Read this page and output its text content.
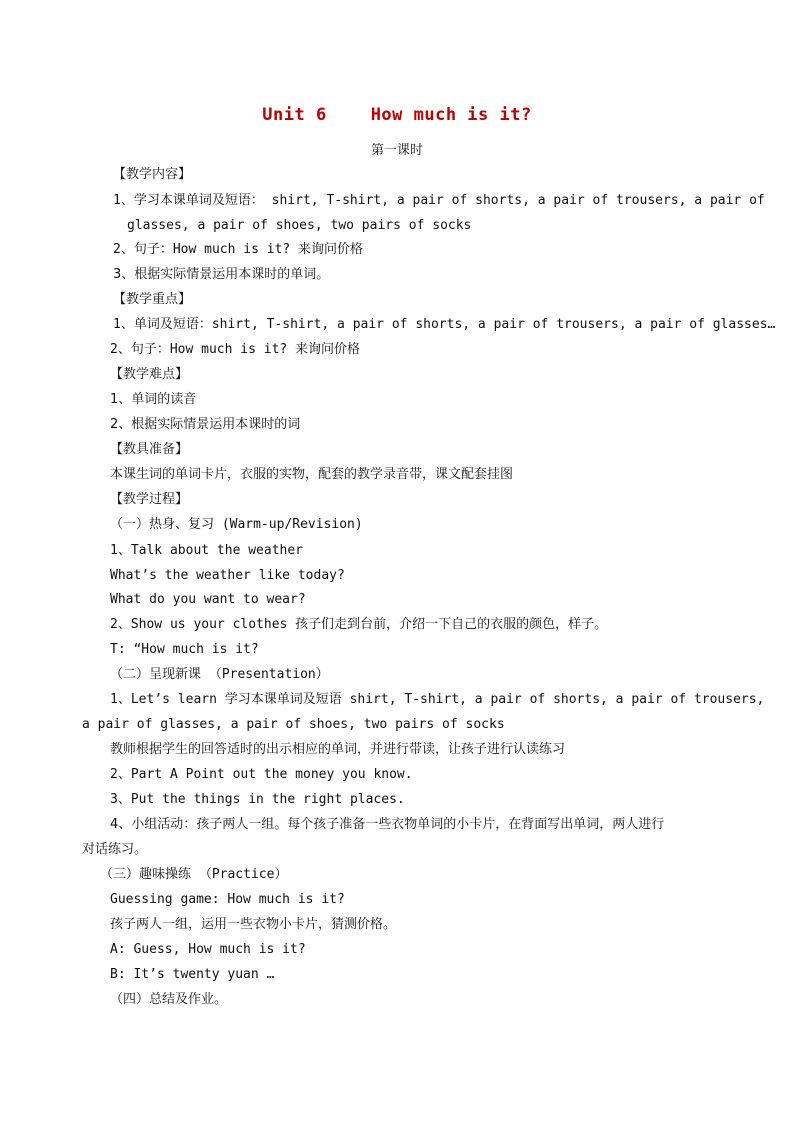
Unit 6	How much is it?
第一课时
【教学内容】
1、学习本课单词及短语： shirt, T-shirt, a pair of shorts, a pair of trousers, a pair of
glasses, a pair of shoes, two pairs of socks
2、句子：How much is it? 来询问价格
3、根据实际情景运用本课时的单词。
【教学重点】
1、单词及短语：shirt, T-shirt, a pair of shorts, a pair of trousers, a pair of glasses…
2、句子：How much is it? 来询问价格
【教学难点】
1、单词的读音
2、根据实际情景运用本课时的词
【教具准备】
本课生词的单词卡片，衣服的实物，配套的教学录音带，课文配套挂图
【教学过程】
（一）热身、复习 (Warm-up/Revision)
1、Talk about the weather
What’s the weather like today?
What do you want to wear?
2、Show us your clothes 孩子们走到台前，介绍一下自己的衣服的颜色，样子。
T: “How much is it?
（二）呈现新课 （Presentation）
1、Let’s learn 学习本课单词及短语 shirt, T-shirt, a pair of shorts, a pair of trousers,
a pair of glasses, a pair of shoes, two pairs of socks
教师根据学生的回答适时的出示相应的单词，并进行带读，让孩子进行认读练习
2、Part A Point out the money you know.
3、Put the things in the right places.
4、小组活动：孩子两人一组。每个孩子准备一些衣物单词的小卡片，在背面写出单词，两人进行
对话练习。
（三）趣味操练 （Practice）
Guessing game: How much is it?
孩子两人一组，运用一些衣物小卡片，猜测价格。
A: Guess, How much is it?
B: It’s twenty yuan …
（四）总结及作业。
